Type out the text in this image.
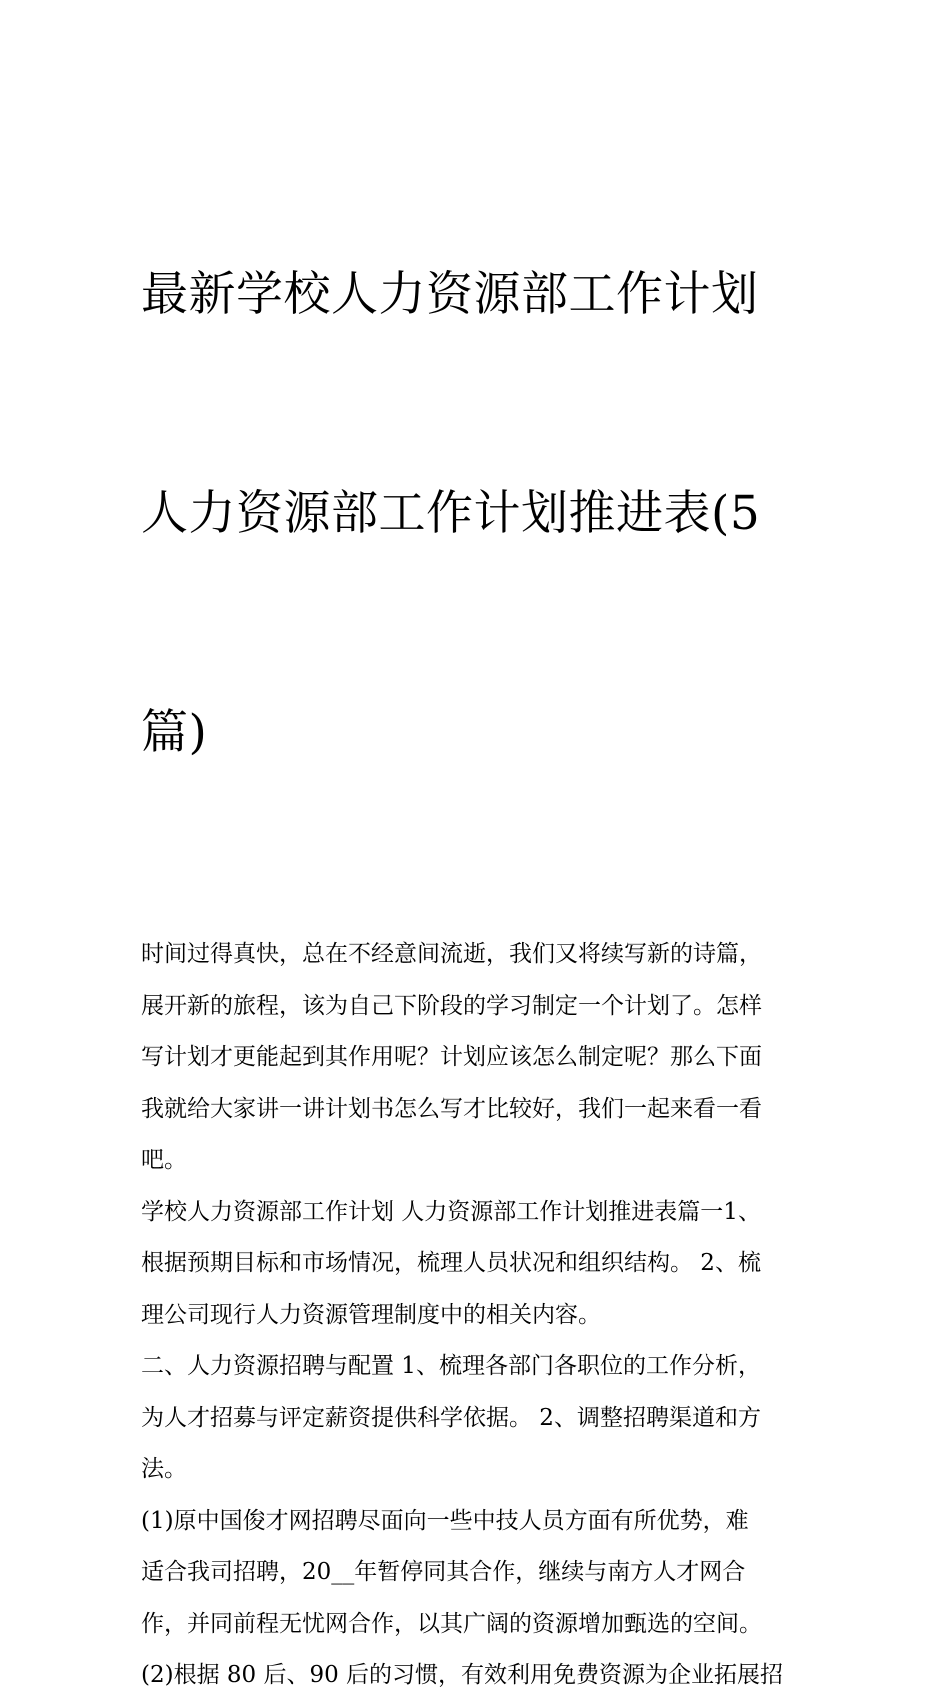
最新学校人力资源部工作计划

人力资源部工作计划推进表(5

篇)

时间过得真快，总在不经意间流逝，我们又将续写新的诗篇，
展开新的旅程，该为自己下阶段的学习制定一个计划了。怎样
写计划才更能起到其作用呢？计划应该怎么制定呢？那么下面
我就给大家讲一讲计划书怎么写才比较好，我们一起来看一看
吧。

学校人力资源部工作计划 人力资源部工作计划推进表篇一1、
根据预期目标和市场情况，梳理人员状况和组织结构。 2、梳
理公司现行人力资源管理制度中的相关内容。

二、人力资源招聘与配置 1、梳理各部门各职位的工作分析，
为人才招募与评定薪资提供科学依据。 2、调整招聘渠道和方
法。

(1)原中国俊才网招聘尽面向一些中技人员方面有所优势，难
适合我司招聘，20__年暂停同其合作，继续与南方人才网合
作，并同前程无忧网合作，以其广阔的资源增加甄选的空间。

(2)根据 80 后、90 后的习惯，有效利用免费资源为企业拓展招
